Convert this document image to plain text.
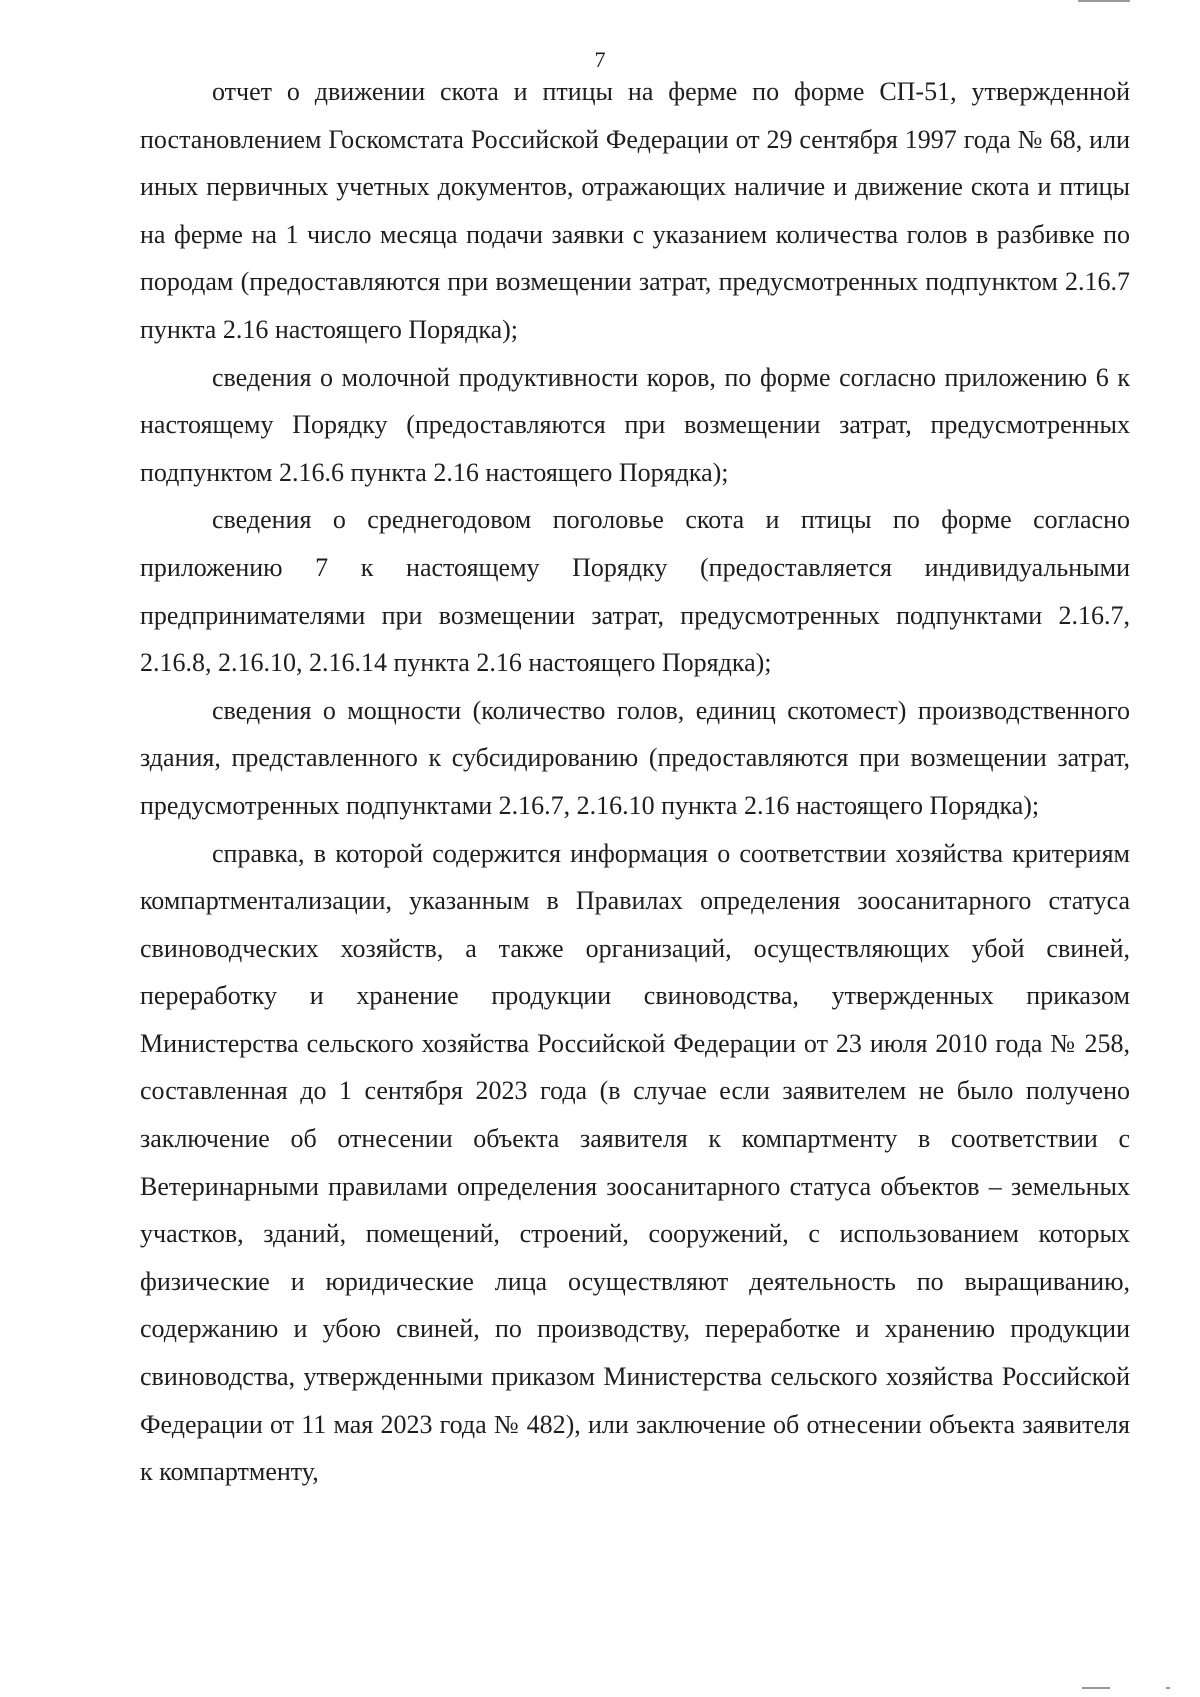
7

отчет о движении скота и птицы на ферме по форме СП-51, утвержденной постановлением Госкомстата Российской Федерации от 29 сентября 1997 года № 68, или иных первичных учетных документов, отражающих наличие и движение скота и птицы на ферме на 1 число месяца подачи заявки с указанием количества голов в разбивке по породам (предоставляются при возмещении затрат, предусмотренных подпунктом 2.16.7 пункта 2.16 настоящего Порядка);

сведения о молочной продуктивности коров, по форме согласно приложению 6 к настоящему Порядку (предоставляются при возмещении затрат, предусмотренных подпунктом 2.16.6 пункта 2.16 настоящего Порядка);

сведения о среднегодовом поголовье скота и птицы по форме согласно приложению 7 к настоящему Порядку (предоставляется индивидуальными предпринимателями при возмещении затрат, предусмотренных подпунктами 2.16.7, 2.16.8, 2.16.10, 2.16.14 пункта 2.16 настоящего Порядка);

сведения о мощности (количество голов, единиц скотомест) производственного здания, представленного к субсидированию (предоставляются при возмещении затрат, предусмотренных подпунктами 2.16.7, 2.16.10 пункта 2.16 настоящего Порядка);

справка, в которой содержится информация о соответствии хозяйства критериям компартментализации, указанным в Правилах определения зоосанитарного статуса свиноводческих хозяйств, а также организаций, осуществляющих убой свиней, переработку и хранение продукции свиноводства, утвержденных приказом Министерства сельского хозяйства Российской Федерации от 23 июля 2010 года № 258, составленная до 1 сентября 2023 года (в случае если заявителем не было получено заключение об отнесении объекта заявителя к компартменту в соответствии с Ветеринарными правилами определения зоосанитарного статуса объектов – земельных участков, зданий, помещений, строений, сооружений, с использованием которых физические и юридические лица осуществляют деятельность по выращиванию, содержанию и убою свиней, по производству, переработке и хранению продукции свиноводства, утвержденными приказом Министерства сельского хозяйства Российской Федерации от 11 мая 2023 года № 482), или заключение об отнесении объекта заявителя к компартменту,
